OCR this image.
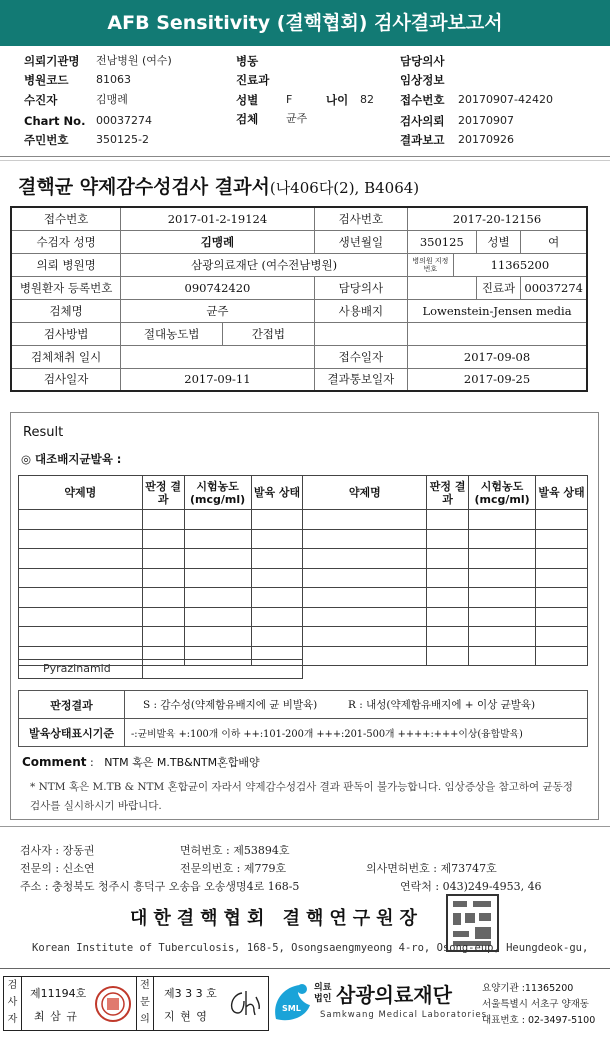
AFB Sensitivity (결핵협회) 검사결과보고서
의뢰기관명 전남병원 (여수)	병동	담당의사
병원코드	81063	진료과	임상정보
수진자	김맹례	성별	F	나이 82 접수번호 20170907-42420
Chart No. 00037274	검체	균주	검사의뢰 20170907
주민번호	350125-2	결과보고 20170926
결핵균 약제감수성검사 결과서(나406다(2), B4064)
접수번호	2017-01-2-19124		검사번호	2017-20-12156			
수검자 성명	김맹례		생년월일	350125		성별	여
의뢰 병원명	삼광의료재단 (여수전남병원)			병의원 지정번호	11365200		
병원환자 등록번호	090742420		담당의사			진료과	00037274
검체명	균주		사용배지	Lowenstein-Jensen media			
검사방법	절대농도법	간접법					
검체채취 일시			접수일자	2017-09-08			
검사일자	2017-09-11		결과통보일자	2017-09-25			
Result
◎ 대조배지균발육 :
약제명	판정 결과	시험농도 (mcg/ml)	발육 상태	약제명	판정 결과	시험농도 (mcg/ml)	발육 상태

Pyrazinamid
판정결과	S : 감수성(약제함유배지에 균 비발육) R : 내성(약제함유배지에 + 이상 균발육)
발육상태표시기준	-:균비발육 +:100개 이하 ++:101-200개 +++:201-500개 ++++:+++이상(융합발육)
Comment :   NTM 혹은 M.TB&NTM혼합배양
* NTM 혹은 M.TB & NTM 혼합균이 자라서 약제감수성검사 결과 판독이 불가능합니다. 임상증상을 참고하여 균동정검사를 실시하시기 바랍니다.
검사자 : 장동권	면허번호 : 제53894호
전문의 : 신소연	전문의번호 : 제779호	의사면허번호 : 제73747호
주소 : 충청북도 청주시 흥덕구 오송읍 오송생명4로 168-5	연락처 : 043)249-4953, 46
대한결핵협회 결핵연구원장
Korean Institute of Tuberculosis, 168-5, Osongsaengmyeong 4-ro, Osong-eup, Heungdeok-gu,
검사자
제11194호
최 삼 규
전문의
제3 3 3 호
지 현 영
SML
의료법인 삼광의료재단
Samkwang Medical Laboratories
요양기관 :11365200
서울특별시 서초구 양재동
대표번호 : 02-3497-5100
